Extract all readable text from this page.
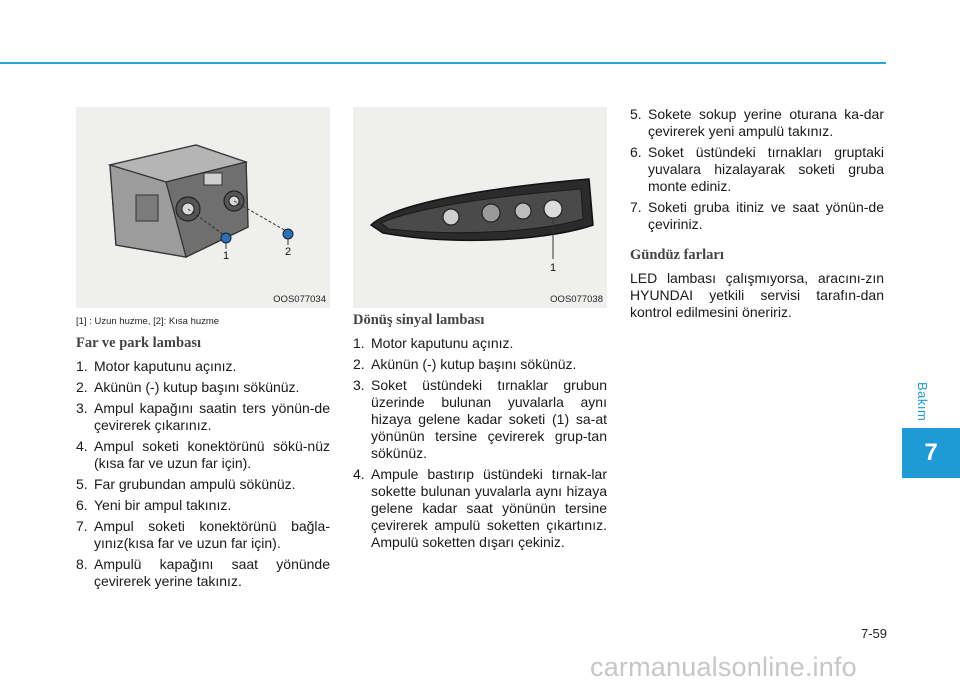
1	2
OOS077034
1
OOS077038
[1] : Uzun huzme, [2]: Kısa huzme
Far ve park lambası
1. Motor kaputunu açınız.
2. Akünün (-) kutup başını sökünüz.
3. Ampul kapağını saatin ters yönün-de çevirerek çıkarınız.
4. Ampul soketi konektörünü sökü-nüz (kısa far ve uzun far için).
5. Far grubundan ampulü sökünüz.
6. Yeni bir ampul takınız.
7. Ampul soketi konektörünü bağla-yınız(kısa far ve uzun far için).
8. Ampulü kapağını saat yönünde çevirerek yerine takınız.
Dönüş sinyal lambası
1. Motor kaputunu açınız.
2. Akünün (-) kutup başını sökünüz.
3. Soket üstündeki tırnaklar grubun üzerinde bulunan yuvalarla aynı hizaya gelene kadar soketi (1) sa-at yönünün tersine çevirerek grup-tan sökünüz.
4. Ampule bastırıp üstündeki tırnak-lar sokette bulunan yuvalarla aynı hizaya gelene kadar saat yönünün tersine çevirerek ampulü soketten çıkartınız. Ampulü soketten dışarı çekiniz.
5. Sokete sokup yerine oturana ka-dar çevirerek yeni ampulü takınız.
6. Soket üstündeki tırnakları gruptaki yuvalara hizalayarak soketi gruba monte ediniz.
7. Soketi gruba itiniz ve saat yönün-de çeviriniz.
Gündüz farları

LED lambası çalışmıyorsa, aracını-zın HYUNDAI yetkili servisi tarafın-dan kontrol edilmesini öneririz.

Bakım
7
7-59
carmanualsonline.info
